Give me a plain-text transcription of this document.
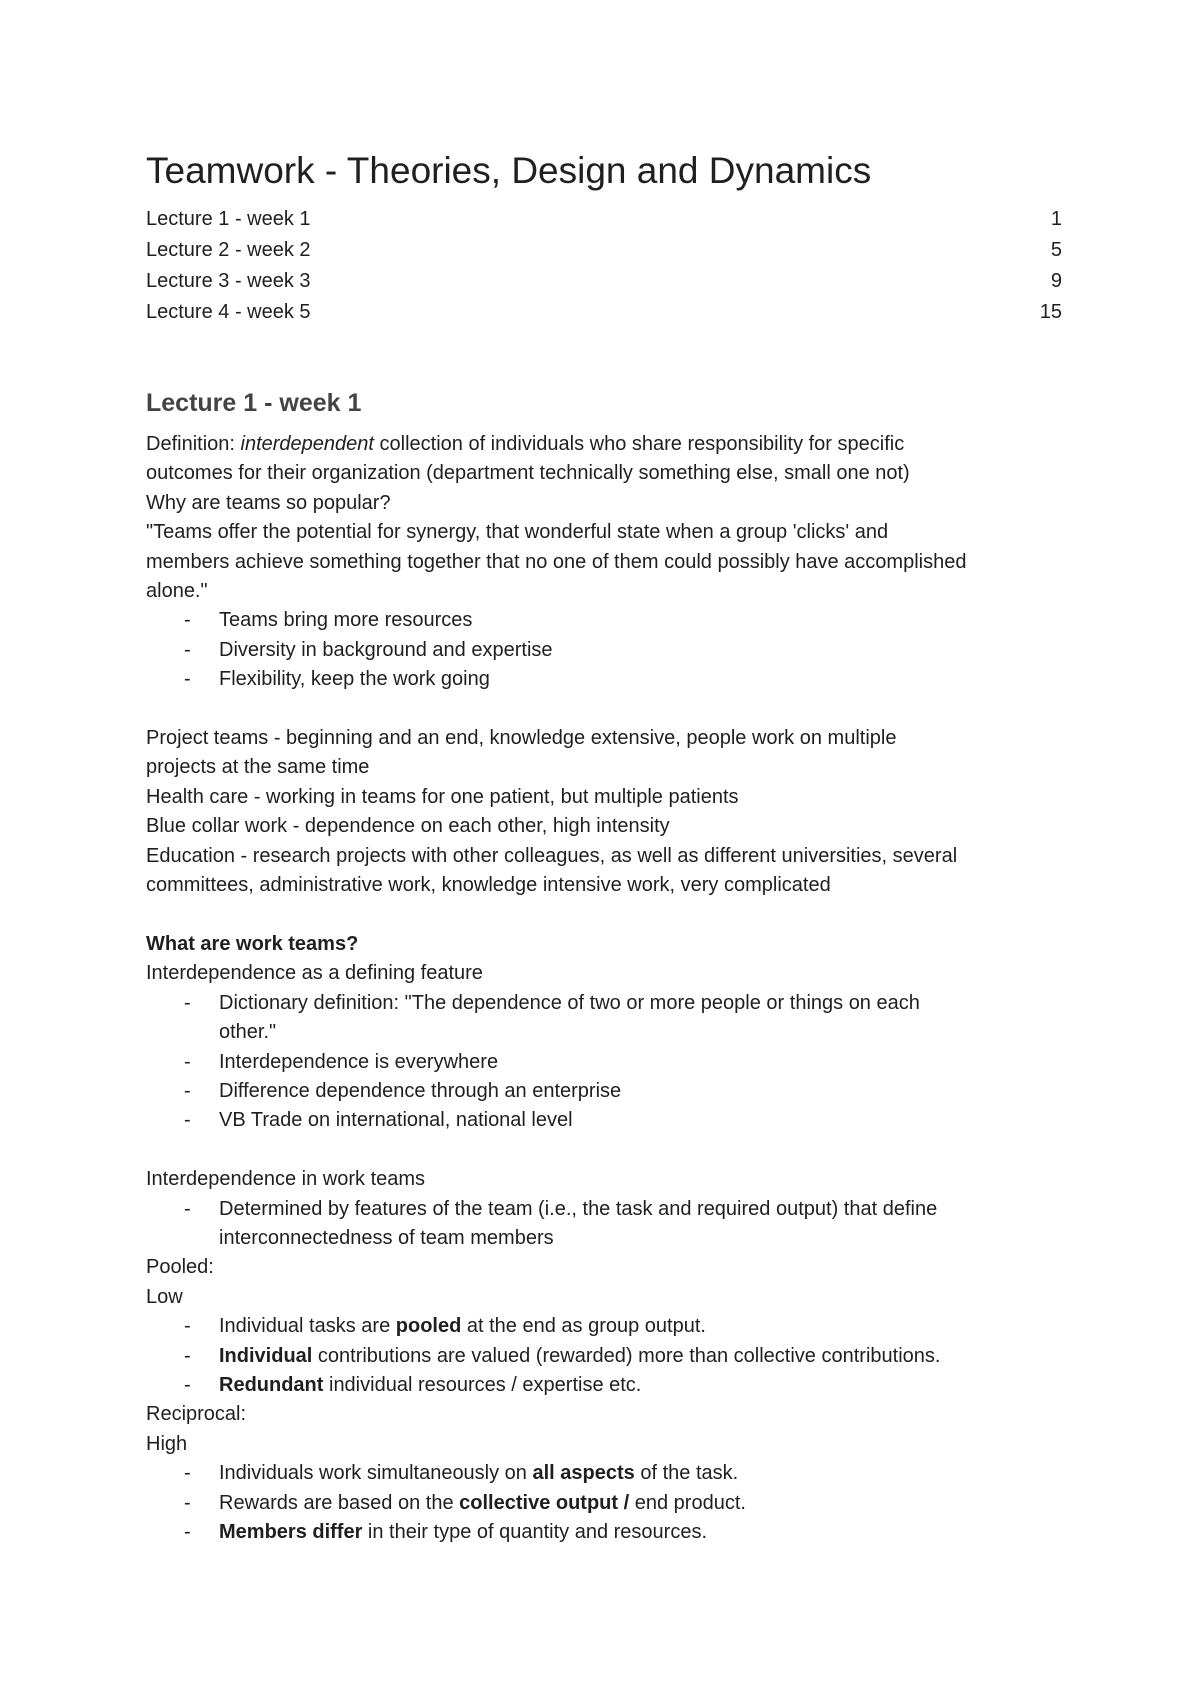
Teamwork - Theories, Design and Dynamics
Lecture 1 - week 1	1
Lecture 2 - week 2	5
Lecture 3 - week 3	9
Lecture 4 - week 5	15
Lecture 1 - week 1
Definition: interdependent collection of individuals who share responsibility for specific
outcomes for their organization (department technically something else, small one not)
Why are teams so popular?
"Teams offer the potential for synergy, that wonderful state when a group 'clicks' and
members achieve something together that no one of them could possibly have accomplished
alone."
- Teams bring more resources
- Diversity in background and expertise
- Flexibility, keep the work going
Project teams - beginning and an end, knowledge extensive, people work on multiple
projects at the same time
Health care - working in teams for one patient, but multiple patients
Blue collar work - dependence on each other, high intensity
Education - research projects with other colleagues, as well as different universities, several
committees, administrative work, knowledge intensive work, very complicated
What are work teams?
Interdependence as a defining feature
- Dictionary definition: "The dependence of two or more people or things on each
other."
- Interdependence is everywhere
- Difference dependence through an enterprise
- VB Trade on international, national level
Interdependence in work teams
- Determined by features of the team (i.e., the task and required output) that define
interconnectedness of team members
Pooled:
Low
- Individual tasks are pooled at the end as group output.
- Individual contributions are valued (rewarded) more than collective contributions.
- Redundant individual resources / expertise etc.
Reciprocal:
High
- Individuals work simultaneously on all aspects of the task.
- Rewards are based on the collective output / end product.
- Members differ in their type of quantity and resources.
